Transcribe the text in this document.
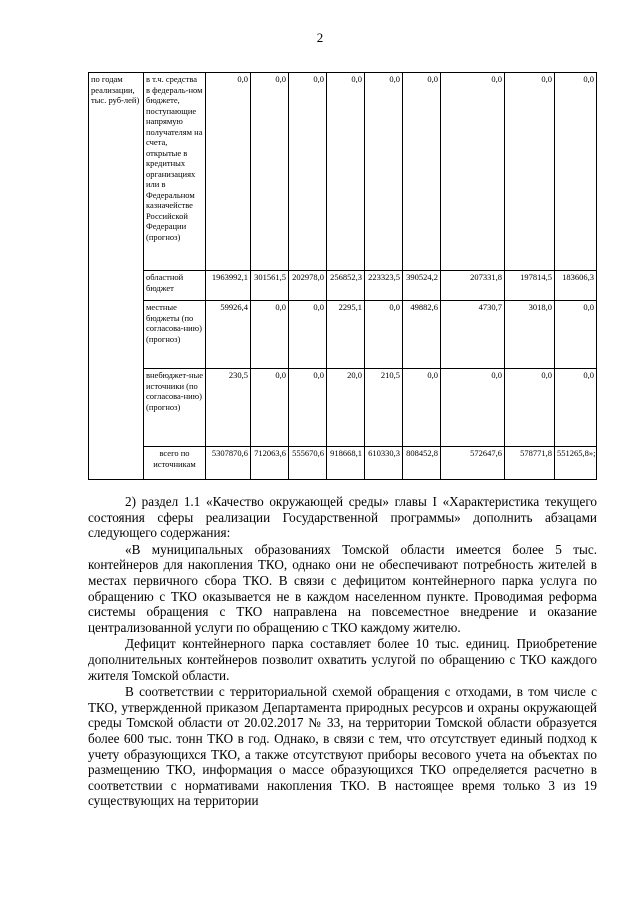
2
по годам реализации, тыс. руб-лей)	в т.ч. средства в федераль-ном бюджете, поступающие напрямую получателям на счета, открытые в кредитных организациях или в Федеральном казначействе Российской Федерации (прогноз)	0,0	0,0	0,0	0,0	0,0	0,0	0,0	0,0	0,0
	областной бюджет	1963992,1	301561,5	202978,0	256852,3	223323,5	390524,2	207331,8	197814,5	183606,3
	местные бюджеты (по согласова-нию) (прогноз)	59926,4	0,0	0,0	2295,1	0,0	49882,6	4730,7	3018,0	0,0
	внебюджет-ные источники (по согласова-нию) (прогноз)	230,5	0,0	0,0	20,0	210,5	0,0	0,0	0,0	0,0
	всего по источникам	5307870,6	712063,6	555670,6	918668,1	610330,3	808452,8	572647,6	578771,8	551265,8»;

2) раздел 1.1 «Качество окружающей среды» главы I «Характеристика текущего состояния сферы реализации Государственной программы» дополнить абзацами следующего содержания:

«В муниципальных образованиях Томской области имеется более 5 тыс. контейнеров для накопления ТКО, однако они не обеспечивают потребность жителей в местах первичного сбора ТКО. В связи с дефицитом контейнерного парка услуга по обращению с ТКО оказывается не в каждом населенном пункте. Проводимая реформа системы обращения с ТКО направлена на повсеместное внедрение и оказание централизованной услуги по обращению с ТКО каждому жителю.

Дефицит контейнерного парка составляет более 10 тыс. единиц. Приобретение дополнительных контейнеров позволит охватить услугой по обращению с ТКО каждого жителя Томской области.

В соответствии с территориальной схемой обращения с отходами, в том числе с ТКО, утвержденной приказом Департамента природных ресурсов и охраны окружающей среды Томской области от 20.02.2017 № 33, на территории Томской области образуется более 600 тыс. тонн ТКО в год. Однако, в связи с тем, что отсутствует единый подход к учету образующихся ТКО, а также отсутствуют приборы весового учета на объектах по размещению ТКО, информация о массе образующихся ТКО определяется расчетно в соответствии с нормативами накопления ТКО. В настоящее время только 3 из 19 существующих на территории
